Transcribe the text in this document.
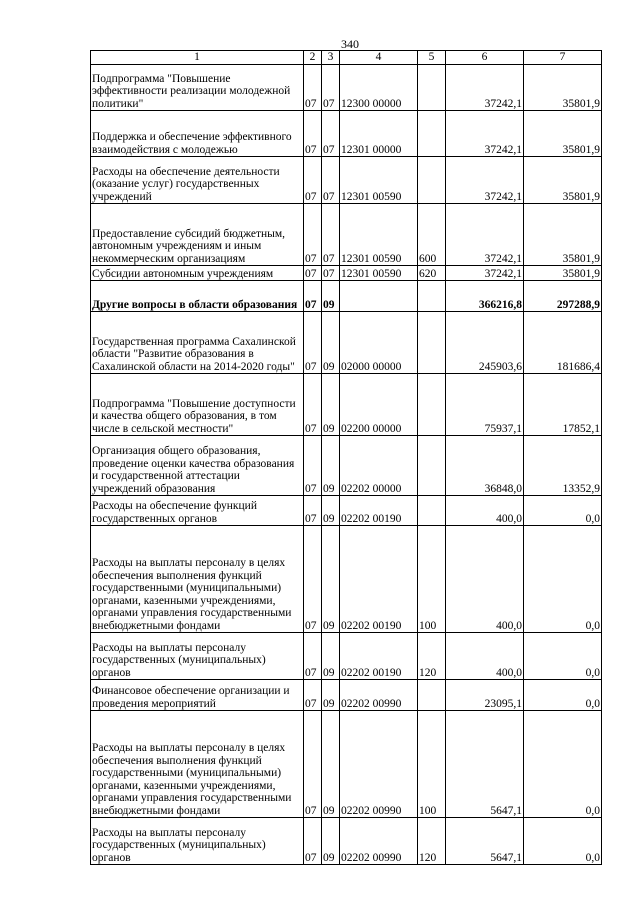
340
1	2	3	4	5	6	7
Подпрограмма "Повышение эффективности реализации молодежной политики"	07	07	12300 00000		37242,1	35801,9
Поддержка и обеспечение эффективного взаимодействия с молодежью	07	07	12301 00000		37242,1	35801,9
Расходы на обеспечение деятельности (оказание услуг) государственных учреждений	07	07	12301 00590		37242,1	35801,9
Предоставление субсидий бюджетным, автономным учреждениям и иным некоммерческим организациям	07	07	12301 00590	600	37242,1	35801,9
Субсидии автономным учреждениям	07	07	12301 00590	620	37242,1	35801,9
Другие вопросы в области образования	07	09			366216,8	297288,9
Государственная программа Сахалинской области "Развитие образования в Сахалинской области на 2014-2020 годы"	07	09	02000 00000		245903,6	181686,4
Подпрограмма "Повышение доступности и качества общего образования, в том числе в сельской местности"	07	09	02200 00000		75937,1	17852,1
Организация общего образования, проведение оценки качества образования и государственной аттестации учреждений образования	07	09	02202 00000		36848,0	13352,9
Расходы на обеспечение функций государственных органов	07	09	02202 00190		400,0	0,0
Расходы на выплаты персоналу в целях обеспечения выполнения функций государственными (муниципальными) органами, казенными учреждениями, органами управления государственными внебюджетными фондами	07	09	02202 00190	100	400,0	0,0
Расходы на выплаты персоналу государственных (муниципальных) органов	07	09	02202 00190	120	400,0	0,0
Финансовое обеспечение организации и проведения мероприятий	07	09	02202 00990		23095,1	0,0
Расходы на выплаты персоналу в целях обеспечения выполнения функций государственными (муниципальными) органами, казенными учреждениями, органами управления государственными внебюджетными фондами	07	09	02202 00990	100	5647,1	0,0
Расходы на выплаты персоналу государственных (муниципальных) органов	07	09	02202 00990	120	5647,1	0,0
